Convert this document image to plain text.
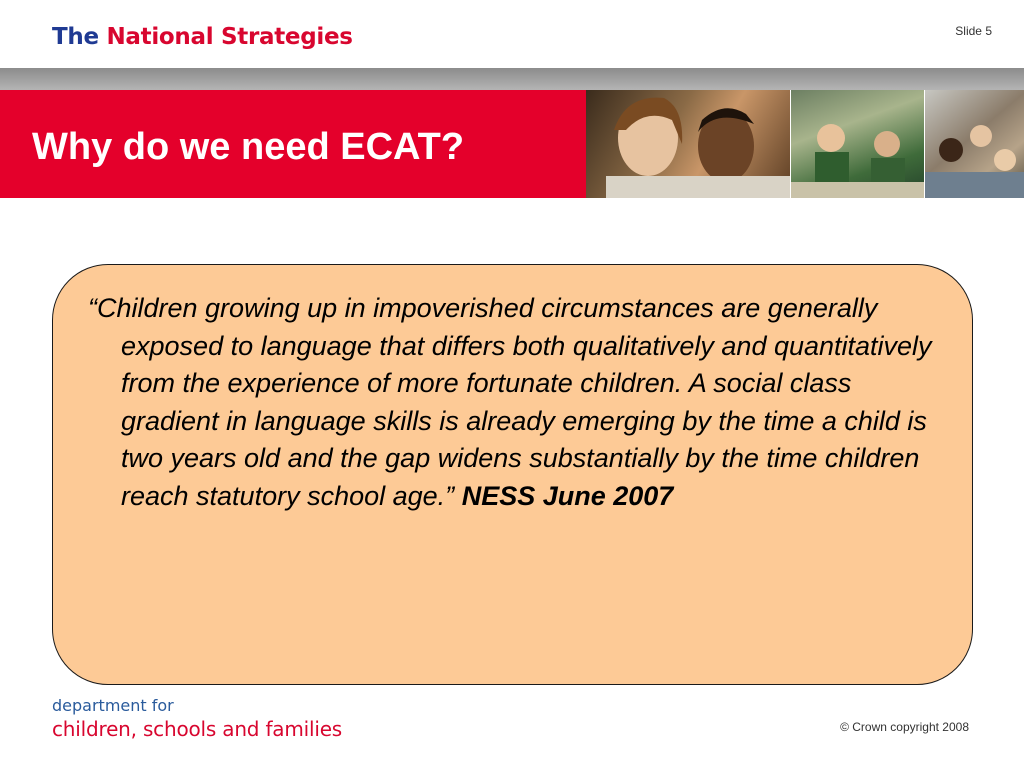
The National Strategies	Slide 5
Why do we need ECAT?

“Children growing up in impoverished circumstances are generally exposed to language that differs both qualitatively and quantitatively from the experience of more fortunate children. A social class gradient in language skills is already emerging by the time a child is two years old and the gap widens substantially by the time children reach statutory school age.” NESS June 2007

department for
children, schools and families	© Crown copyright 2008
